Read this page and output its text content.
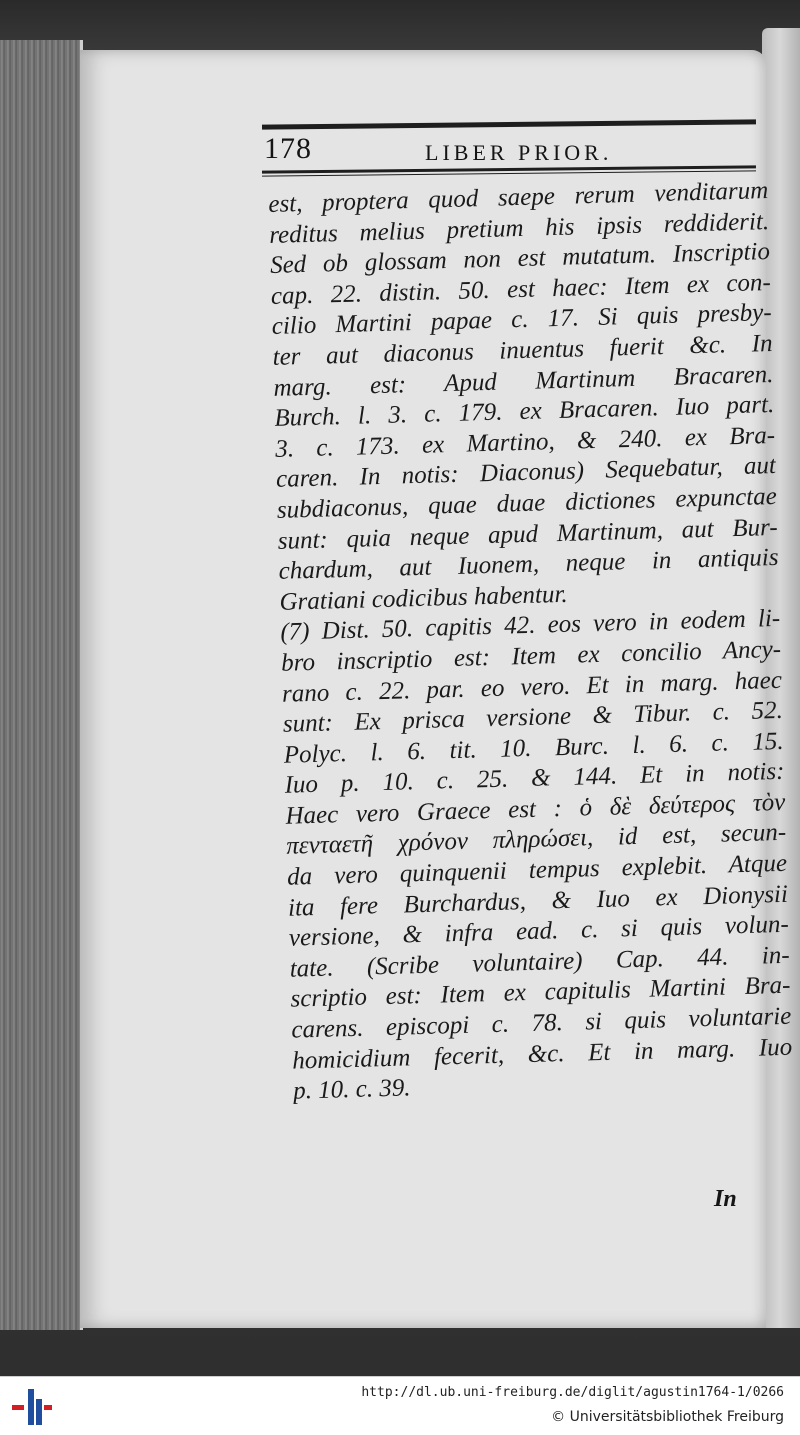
178	LIBER PRIOR.
est, proptera quod saepe rerum venditarum
reditus melius pretium his ipsis reddiderit.
Sed ob glossam non est mutatum. Inscriptio
cap. 22. distin. 50. est haec: Item ex con-
cilio Martini papae c. 17. Si quis presby-
ter aut diaconus inuentus fuerit &c. In
marg. est: Apud Martinum Bracaren.
Burch. l. 3. c. 179. ex Bracaren. Iuo part.
3. c. 173. ex Martino, & 240. ex Bra-
caren. In notis: Diaconus) Sequebatur, aut
subdiaconus, quae duae dictiones expunctae
sunt: quia neque apud Martinum, aut Bur-
chardum, aut Iuonem, neque in antiquis
Gratiani codicibus habentur.
(7) Dist. 50. capitis 42. eos vero in eodem li-
bro inscriptio est: Item ex concilio Ancy-
rano c. 22. par. eo vero. Et in marg. haec
sunt: Ex prisca versione & Tibur. c. 52.
Polyc. l. 6. tit. 10. Burc. l. 6. c. 15.
Iuo p. 10. c. 25. & 144. Et in notis:
Haec vero Graece est : ὁ δὲ δεύτερος τὸν
πενταετῆ χρόνον πληρώσει, id est, secun-
da vero quinquenii tempus explebit. Atque
ita fere Burchardus, & Iuo ex Dionysii
versione, & infra ead. c. si quis volun-
tate. (Scribe voluntaire) Cap. 44. in-
scriptio est: Item ex capitulis Martini Bra-
carens. episcopi c. 78. si quis voluntarie
homicidium fecerit, &c. Et in marg. Iuo
p. 10. c. 39.
In
http://dl.ub.uni-freiburg.de/diglit/agustin1764-1/0266
© Universitätsbibliothek Freiburg
